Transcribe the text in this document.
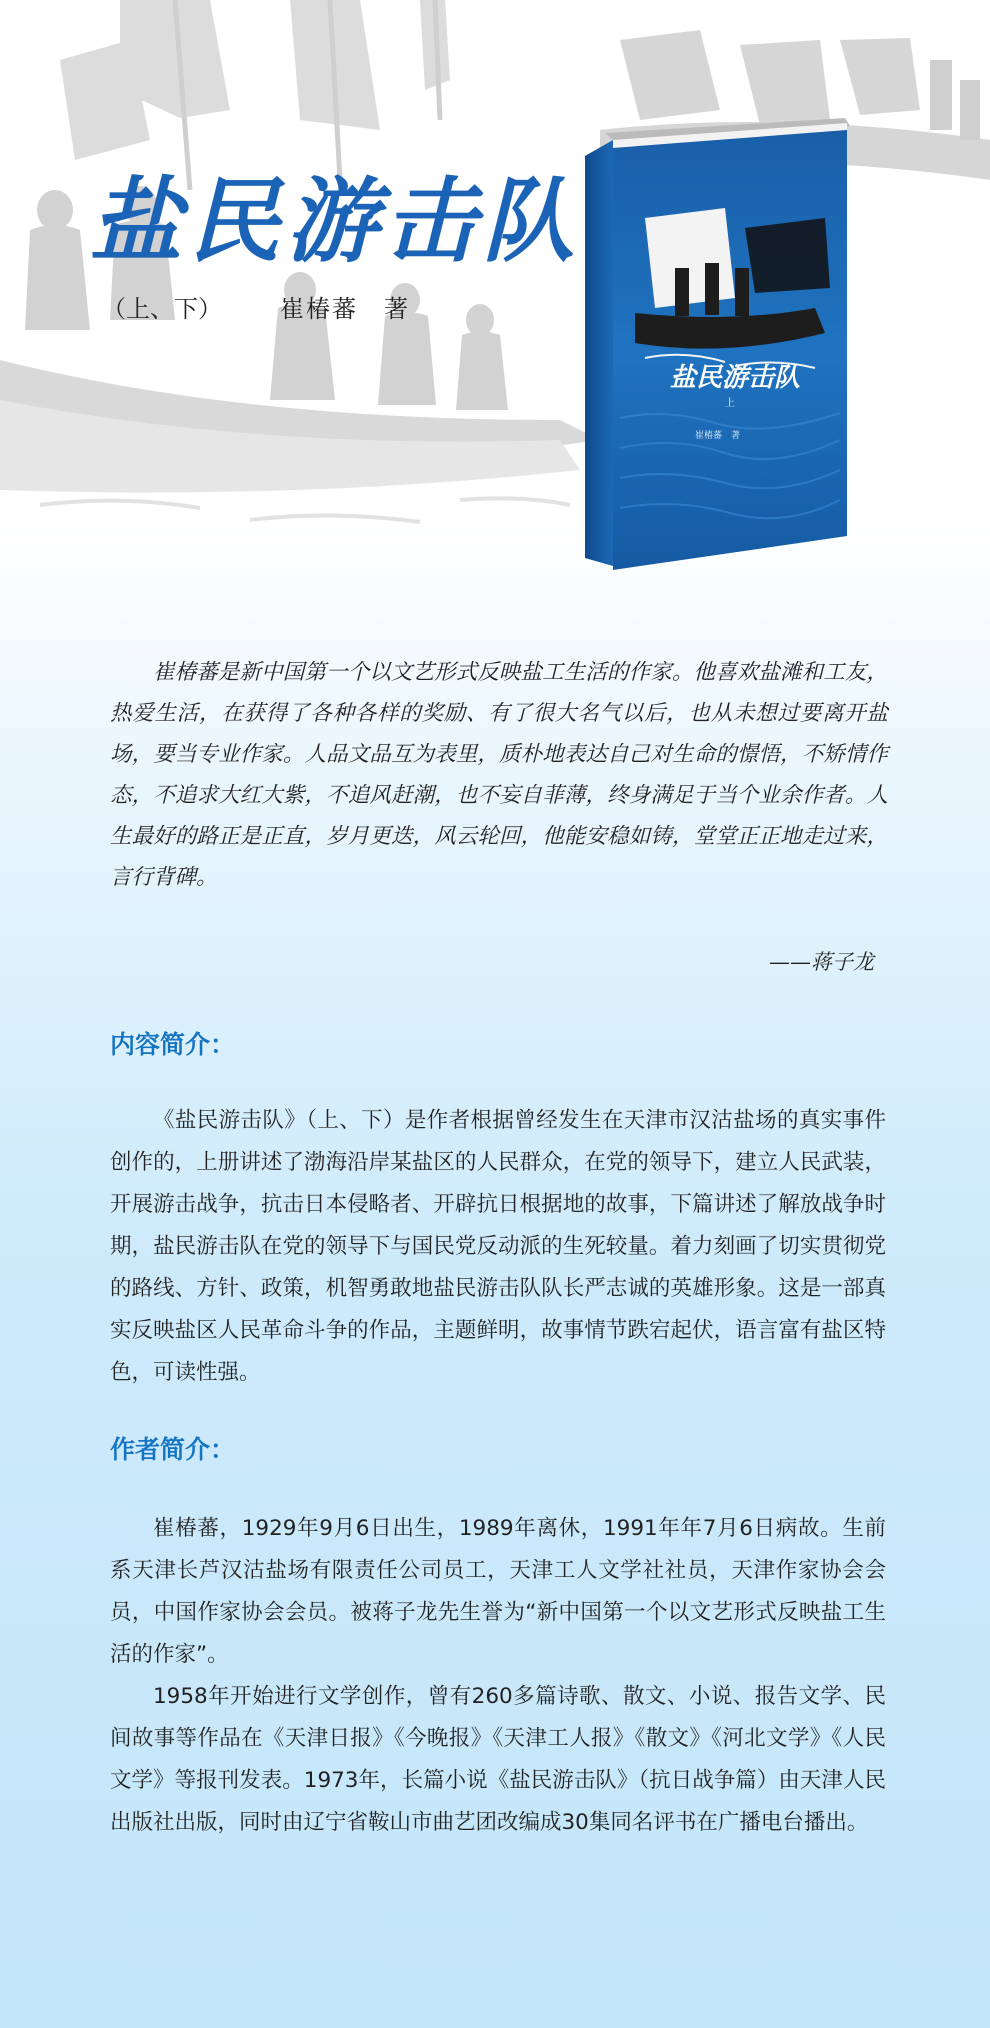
盐民游击队
（上、下） 崔椿蕃　著
盐民游击队
上
崔椿蕃　著

崔椿蕃是新中国第一个以文艺形式反映盐工生活的作家。他喜欢盐滩和工友，热爱生活，在获得了各种各样的奖励、有了很大名气以后，也从未想过要离开盐场，要当专业作家。人品文品互为表里，质朴地表达自己对生命的憬悟，不矫情作态，不追求大红大紫，不追风赶潮，也不妄自菲薄，终身满足于当个业余作者。人生最好的路正是正直，岁月更迭，风云轮回，他能安稳如铸，堂堂正正地走过来，言行背碑。

——蒋子龙
内容简介：

《盐民游击队》（上、下）是作者根据曾经发生在天津市汉沽盐场的真实事件创作的，上册讲述了渤海沿岸某盐区的人民群众，在党的领导下，建立人民武装，开展游击战争，抗击日本侵略者、开辟抗日根据地的故事，下篇讲述了解放战争时期，盐民游击队在党的领导下与国民党反动派的生死较量。着力刻画了切实贯彻党的路线、方针、政策，机智勇敢地盐民游击队队长严志诚的英雄形象。这是一部真实反映盐区人民革命斗争的作品，主题鲜明，故事情节跌宕起伏，语言富有盐区特色，可读性强。

作者简介：

崔椿蕃，1929年9月6日出生，1989年离休，1991年年7月6日病故。生前系天津长芦汉沽盐场有限责任公司员工，天津工人文学社社员，天津作家协会会员，中国作家协会会员。被蒋子龙先生誉为“新中国第一个以文艺形式反映盐工生活的作家”。

1958年开始进行文学创作，曾有260多篇诗歌、散文、小说、报告文学、民间故事等作品在《天津日报》《今晚报》《天津工人报》《散文》《河北文学》《人民文学》等报刊发表。1973年，长篇小说《盐民游击队》（抗日战争篇）由天津人民出版社出版，同时由辽宁省鞍山市曲艺团改编成30集同名评书在广播电台播出。
